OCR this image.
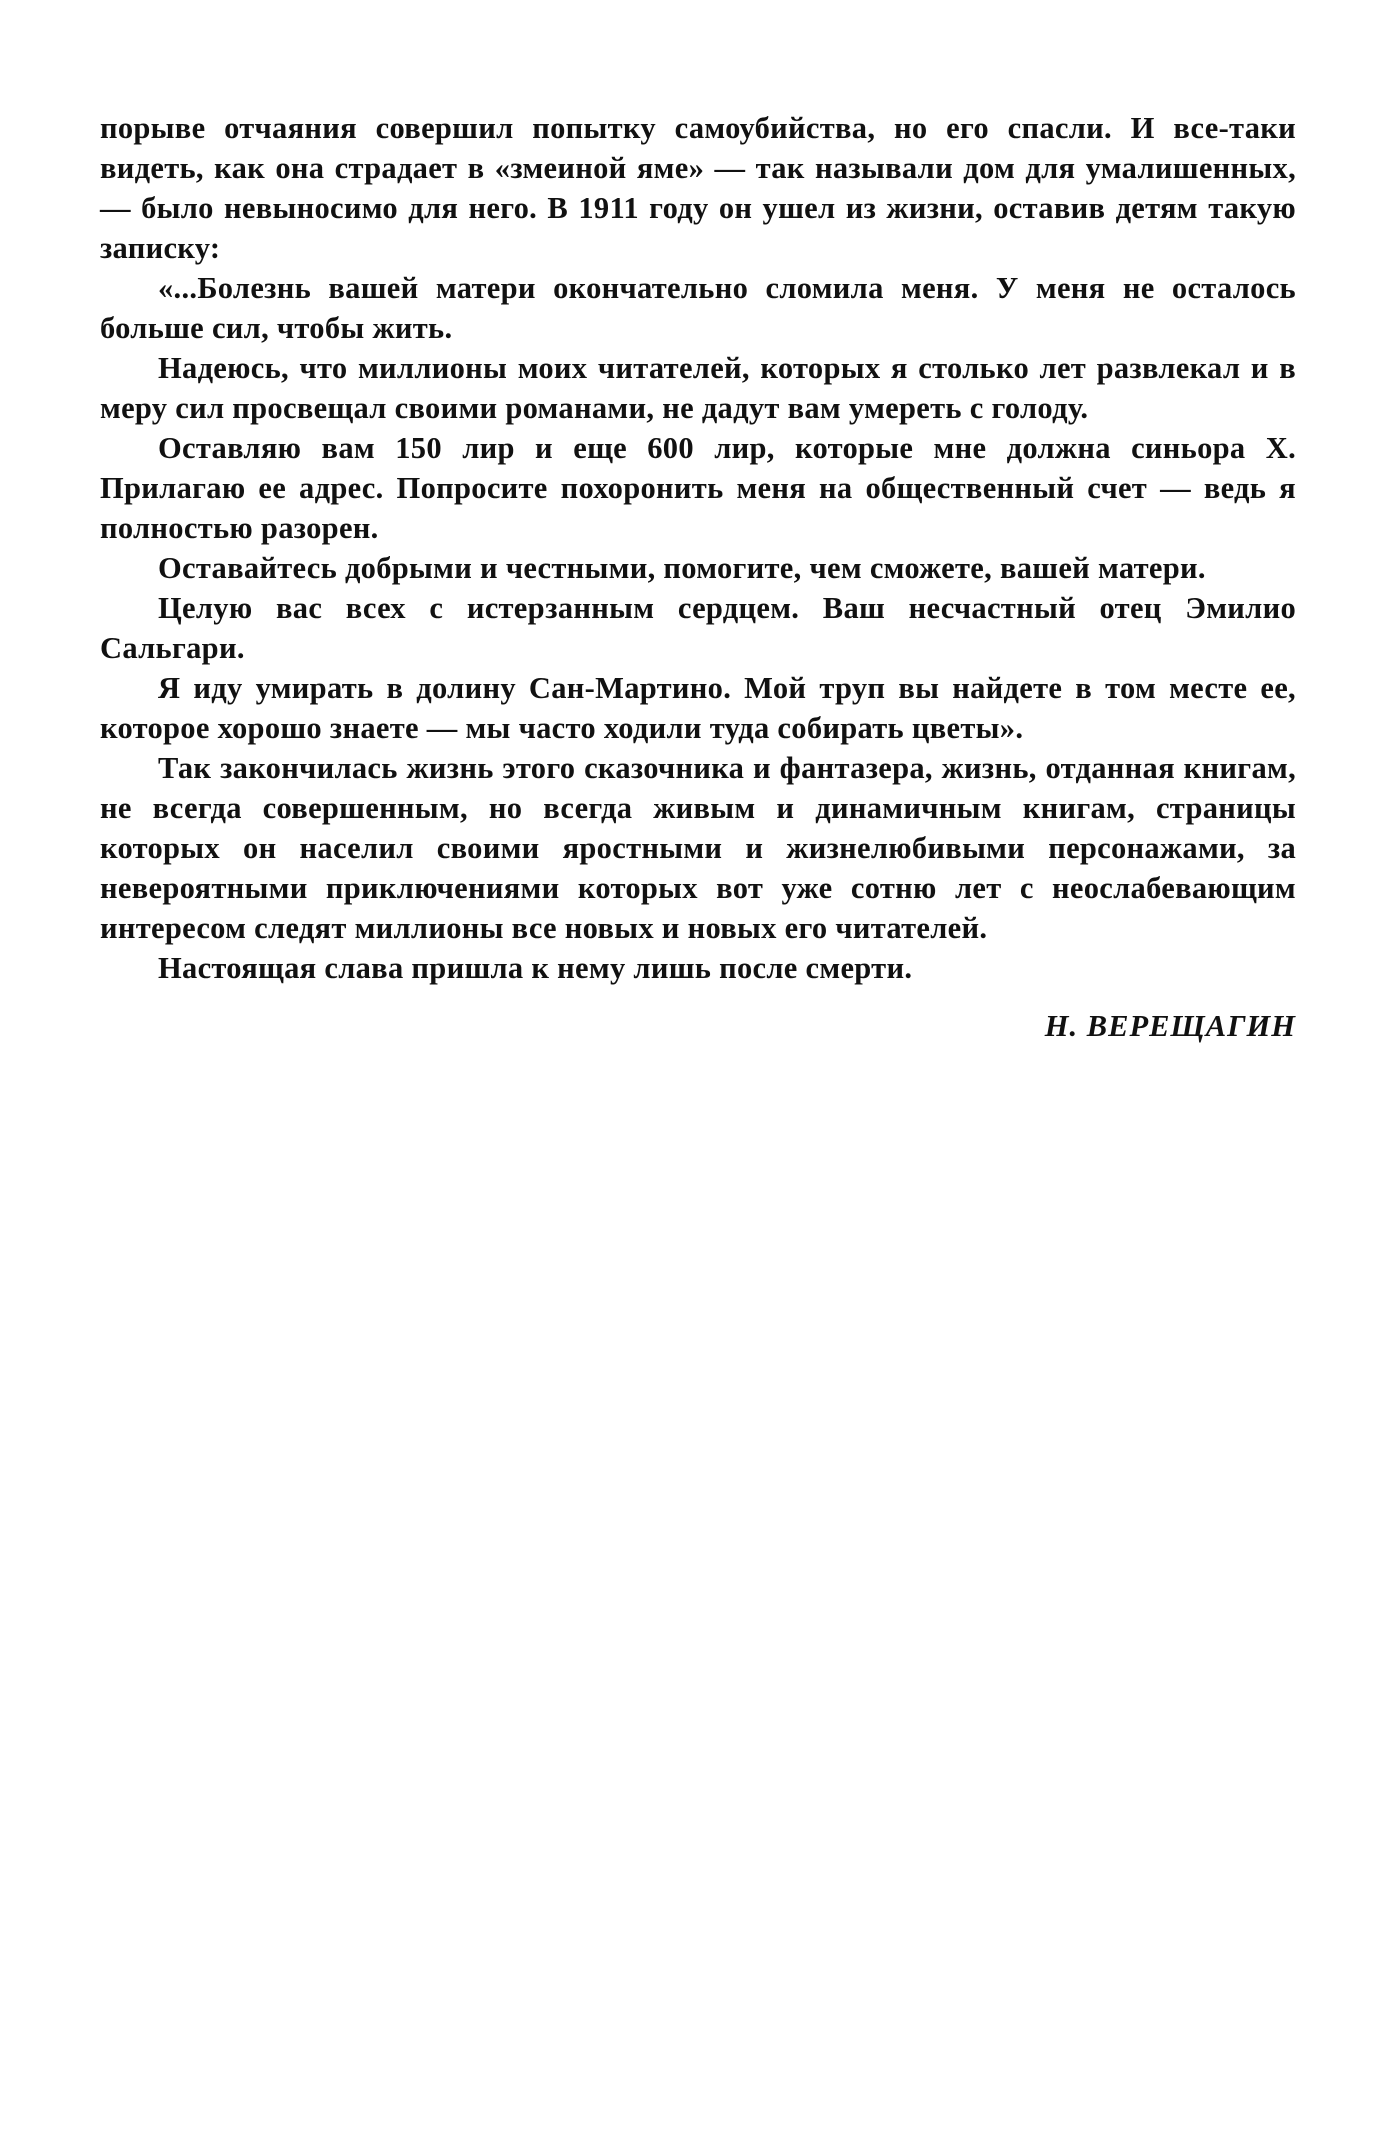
порыве отчаяния совершил попытку самоубийства, но его спасли. И все-таки видеть, как она страдает в «змеиной яме» — так называли дом для умалишенных, — было невыносимо для него. В 1911 году он ушел из жизни, оставив детям такую записку:

«...Болезнь вашей матери окончательно сломила меня. У меня не осталось больше сил, чтобы жить.

Надеюсь, что миллионы моих читателей, которых я столько лет развлекал и в меру сил просвещал своими романами, не дадут вам умереть с голоду.

Оставляю вам 150 лир и еще 600 лир, которые мне должна синьора X. Прилагаю ее адрес. Попросите похоронить меня на общественный счет — ведь я полностью разорен.

Оставайтесь добрыми и честными, помогите, чем сможете, вашей матери.

Целую вас всех с истерзанным сердцем. Ваш несчастный отец Эмилио Сальгари.

Я иду умирать в долину Сан-Мартино. Мой труп вы найдете в том месте ее, которое хорошо знаете — мы часто ходили туда собирать цветы».

Так закончилась жизнь этого сказочника и фантазера, жизнь, отданная книгам, не всегда совершенным, но всегда живым и динамичным книгам, страницы которых он населил своими яростными и жизнелюбивыми персонажами, за невероятными приключениями которых вот уже сотню лет с неослабевающим интересом следят миллионы все новых и новых его читателей.

Настоящая слава пришла к нему лишь после смерти.

Н. ВЕРЕЩАГИН
